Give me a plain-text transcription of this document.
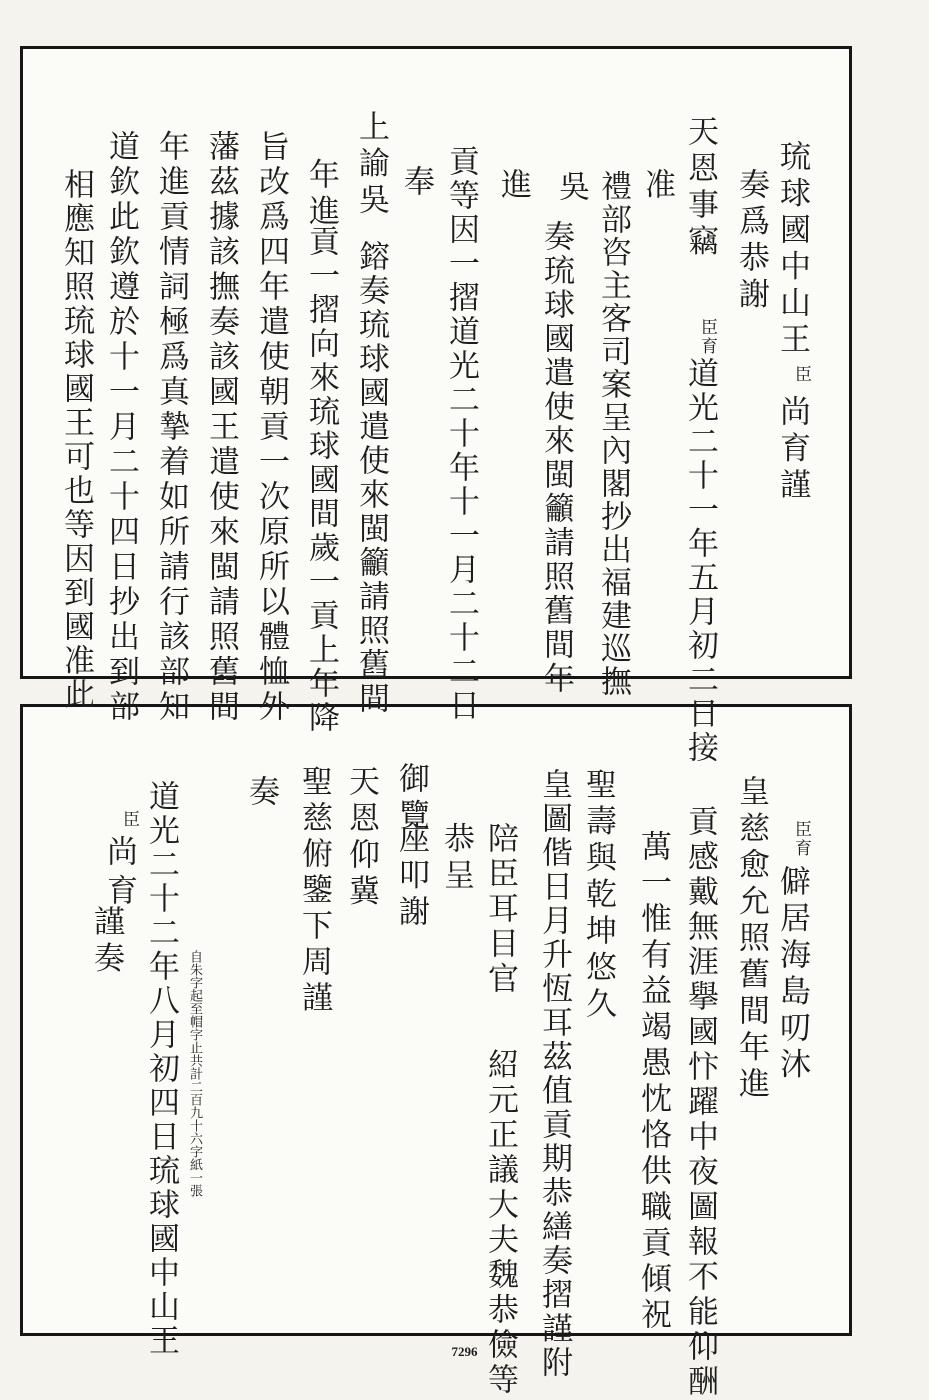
琉球國中山王
臣
尚育謹
奏爲恭謝
天恩事竊
臣育
道光二十一年五月初二日接
准
禮部咨主客司案呈內閣抄出福建巡撫
吳
奏琉球國遣使來閩籲請照舊間年
進
貢等因一摺道光二十年十一月二十二日
奉
上諭吳
鎔奏琉球國遣使來閩籲請照舊間
年進
貢一摺向來琉球國間歲一貢上年降
旨改爲四年遣使朝貢一次原所以體恤外
藩茲據該撫奏該國王遣使來閩請照舊間
年進貢情詞極爲真摯着如所請行該部知
道欽此欽遵於十一月二十四日抄出到部
相應知照琉球國王可也等因到國准此
臣育
僻居海島叨沐
皇慈愈允照舊間年進
貢感戴無涯擧國忭躍中夜圖報不能仰酬
萬一惟有益竭愚忱恪供職貢傾祝
聖壽與乾坤悠久
皇圖偕日月升恆耳茲值貢期恭繕奏摺謹附
陪臣耳目官
紹元正議大夫魏恭儉等
恭呈
御覽
座叩謝
天恩仰冀
聖慈俯鑒下周謹
奏
道光二十二年八月初四日琉球國中山王 自朱字起至帽字止共計二百九十六字紙一張
臣
尚育
謹奏
7296
